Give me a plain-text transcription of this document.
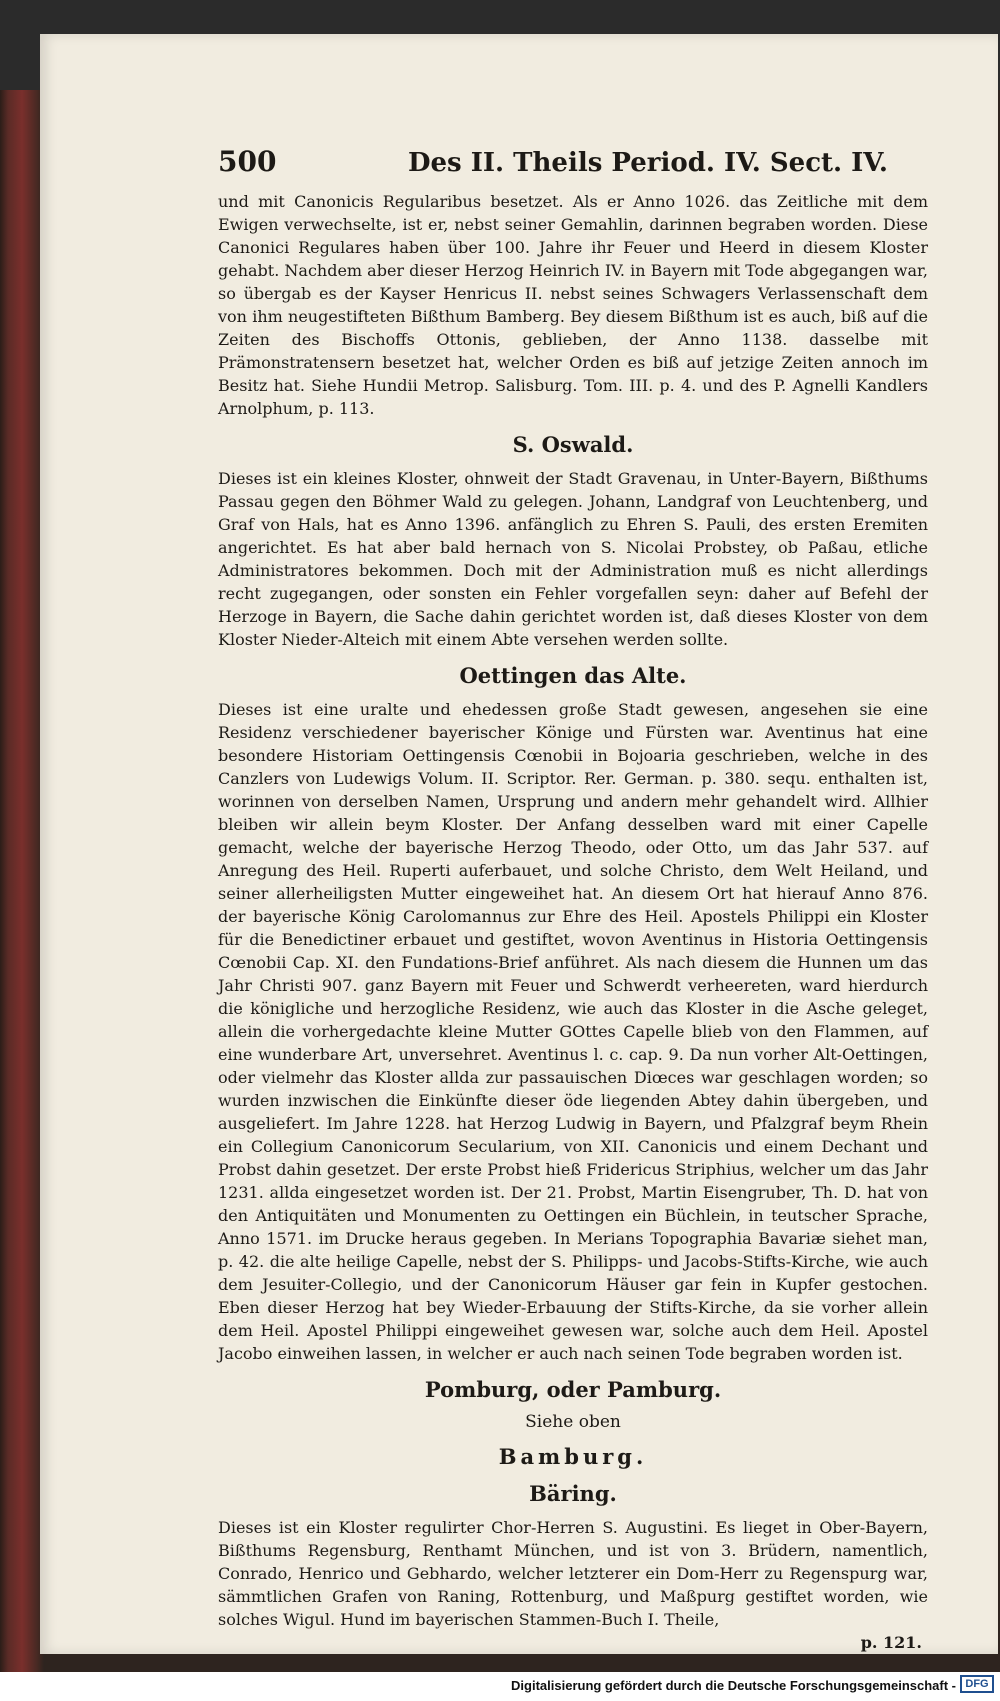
500	Des II. Theils Period. IV. Sect. IV.

und mit Canonicis Regularibus besetzet. Als er Anno 1026. das Zeitliche mit dem Ewigen verwechselte, ist er, nebst seiner Gemahlin, darinnen begraben worden. Diese Canonici Regulares haben über 100. Jahre ihr Feuer und Heerd in diesem Kloster gehabt. Nachdem aber dieser Herzog Heinrich IV. in Bayern mit Tode abgegangen war, so übergab es der Kayser Henricus II. nebst seines Schwagers Verlassenschaft dem von ihm neugestifteten Bißthum Bamberg. Bey diesem Bißthum ist es auch, biß auf die Zeiten des Bischoffs Ottonis, geblieben, der Anno 1138. dasselbe mit Prämonstratensern besetzet hat, welcher Orden es biß auf jetzige Zeiten annoch im Besitz hat. Siehe Hundii Metrop. Salisburg. Tom. III. p. 4. und des P. Agnelli Kandlers Arnolphum, p. 113.

S. Oswald.

Dieses ist ein kleines Kloster, ohnweit der Stadt Gravenau, in Unter-Bayern, Bißthums Passau gegen den Böhmer Wald zu gelegen. Johann, Landgraf von Leuchtenberg, und Graf von Hals, hat es Anno 1396. anfänglich zu Ehren S. Pauli, des ersten Eremiten angerichtet. Es hat aber bald hernach von S. Nicolai Probstey, ob Paßau, etliche Administratores bekommen. Doch mit der Administration muß es nicht allerdings recht zugegangen, oder sonsten ein Fehler vorgefallen seyn: daher auf Befehl der Herzoge in Bayern, die Sache dahin gerichtet worden ist, daß dieses Kloster von dem Kloster Nieder-Alteich mit einem Abte versehen werden sollte.

Oettingen das Alte.

Dieses ist eine uralte und ehedessen große Stadt gewesen, angesehen sie eine Residenz verschiedener bayerischer Könige und Fürsten war. Aventinus hat eine besondere Historiam Oettingensis Cœnobii in Bojoaria geschrieben, welche in des Canzlers von Ludewigs Volum. II. Scriptor. Rer. German. p. 380. sequ. enthalten ist, worinnen von derselben Namen, Ursprung und andern mehr gehandelt wird. Allhier bleiben wir allein beym Kloster. Der Anfang desselben ward mit einer Capelle gemacht, welche der bayerische Herzog Theodo, oder Otto, um das Jahr 537. auf Anregung des Heil. Ruperti auferbauet, und solche Christo, dem Welt Heiland, und seiner allerheiligsten Mutter eingeweihet hat. An diesem Ort hat hierauf Anno 876. der bayerische König Carolomannus zur Ehre des Heil. Apostels Philippi ein Kloster für die Benedictiner erbauet und gestiftet, wovon Aventinus in Historia Oettingensis Cœnobii Cap. XI. den Fundations-Brief anführet. Als nach diesem die Hunnen um das Jahr Christi 907. ganz Bayern mit Feuer und Schwerdt verheereten, ward hierdurch die königliche und herzogliche Residenz, wie auch das Kloster in die Asche geleget, allein die vorhergedachte kleine Mutter GOttes Capelle blieb von den Flammen, auf eine wunderbare Art, unversehret. Aventinus l. c. cap. 9. Da nun vorher Alt-Oettingen, oder vielmehr das Kloster allda zur passauischen Diœces war geschlagen worden; so wurden inzwischen die Einkünfte dieser öde liegenden Abtey dahin übergeben, und ausgeliefert. Im Jahre 1228. hat Herzog Ludwig in Bayern, und Pfalzgraf beym Rhein ein Collegium Canonicorum Secularium, von XII. Canonicis und einem Dechant und Probst dahin gesetzet. Der erste Probst hieß Fridericus Striphius, welcher um das Jahr 1231. allda eingesetzet worden ist. Der 21. Probst, Martin Eisengruber, Th. D. hat von den Antiquitäten und Monumenten zu Oettingen ein Büchlein, in teutscher Sprache, Anno 1571. im Drucke heraus gegeben. In Merians Topographia Bavariæ siehet man, p. 42. die alte heilige Capelle, nebst der S. Philipps- und Jacobs-Stifts-Kirche, wie auch dem Jesuiter-Collegio, und der Canonicorum Häuser gar fein in Kupfer gestochen. Eben dieser Herzog hat bey Wieder-Erbauung der Stifts-Kirche, da sie vorher allein dem Heil. Apostel Philippi eingeweihet gewesen war, solche auch dem Heil. Apostel Jacobo einweihen lassen, in welcher er auch nach seinen Tode begraben worden ist.

Pomburg, oder Pamburg.
Siehe oben
Bamburg.
Bäring.

Dieses ist ein Kloster regulirter Chor-Herren S. Augustini. Es lieget in Ober-Bayern, Bißthums Regensburg, Renthamt München, und ist von 3. Brüdern, namentlich, Conrado, Henrico und Gebhardo, welcher letzterer ein Dom-Herr zu Regenspurg war, sämmtlichen Grafen von Raning, Rottenburg, und Maßpurg gestiftet worden, wie solches Wigul. Hund im bayerischen Stammen-Buch I. Theile,

p. 121.
Digitalisierung gefördert durch die Deutsche Forschungsgemeinschaft - DFG
